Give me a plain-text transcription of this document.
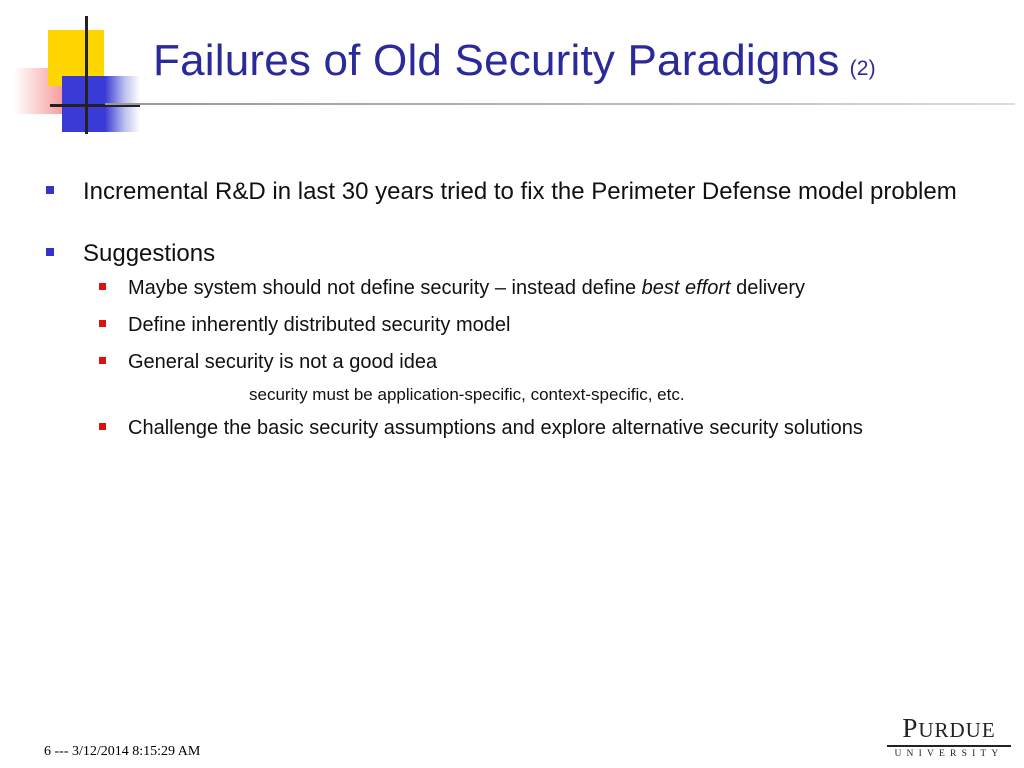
Failures of Old Security Paradigms (2)
Incremental R&D in last 30 years tried to fix the Perimeter Defense model problem
Suggestions
Maybe system should not define security – instead define best effort delivery
Define inherently distributed security model
General security is not a good idea
security must be application-specific, context-specific, etc.
Challenge the basic security assumptions and explore alternative security solutions
6 --- 3/12/2014 8:15:29 AM
PURDUE
UNIVERSITY
